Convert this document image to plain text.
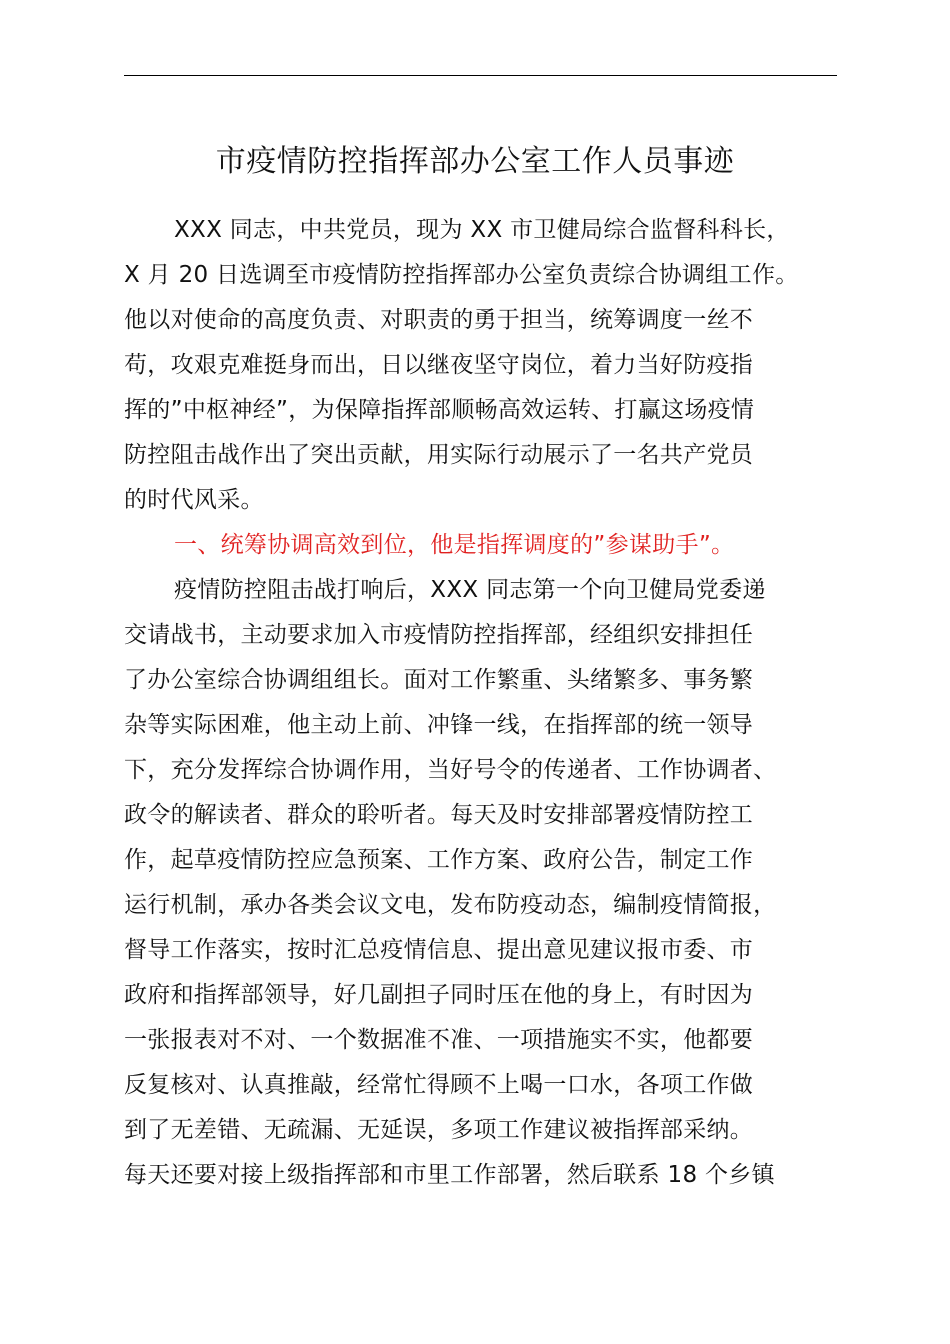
市疫情防控指挥部办公室工作人员事迹
XXX 同志，中共党员，现为 XX 市卫健局综合监督科科长，
X 月 20 日选调至市疫情防控指挥部办公室负责综合协调组工作。
他以对使命的高度负责、对职责的勇于担当，统筹调度一丝不
苟，攻艰克难挺身而出，日以继夜坚守岗位，着力当好防疫指
挥的”中枢神经”，为保障指挥部顺畅高效运转、打赢这场疫情
防控阻击战作出了突出贡献，用实际行动展示了一名共产党员
的时代风采。
一、统筹协调高效到位，他是指挥调度的”参谋助手”。
疫情防控阻击战打响后，XXX 同志第一个向卫健局党委递
交请战书，主动要求加入市疫情防控指挥部，经组织安排担任
了办公室综合协调组组长。面对工作繁重、头绪繁多、事务繁
杂等实际困难，他主动上前、冲锋一线，在指挥部的统一领导
下，充分发挥综合协调作用，当好号令的传递者、工作协调者、
政令的解读者、群众的聆听者。每天及时安排部署疫情防控工
作，起草疫情防控应急预案、工作方案、政府公告，制定工作
运行机制，承办各类会议文电，发布防疫动态，编制疫情简报，
督导工作落实，按时汇总疫情信息、提出意见建议报市委、市
政府和指挥部领导，好几副担子同时压在他的身上，有时因为
一张报表对不对、一个数据准不准、一项措施实不实，他都要
反复核对、认真推敲，经常忙得顾不上喝一口水，各项工作做
到了无差错、无疏漏、无延误，多项工作建议被指挥部采纳。
每天还要对接上级指挥部和市里工作部署，然后联系 18 个乡镇
